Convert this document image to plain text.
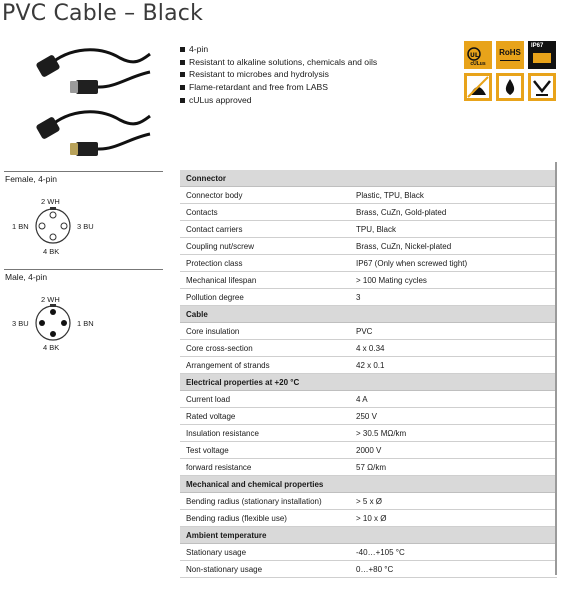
PVC Cable – Black
4-pin
Resistant to alkaline solutions, chemicals and oils
Resistant to microbes and hydrolysis
Flame-retardant and free from LABS
cULus approved
UL
cULus
RoHS
IP67
Female, 4-pin
2 WH
1 BN	3 BU
4 BK
Male, 4-pin
2 WH
3 BU	1 BN
4 BK
Connector
Connector body	Plastic, TPU, Black
Contacts	Brass, CuZn, Gold-plated
Contact carriers	TPU, Black
Coupling nut/screw	Brass, CuZn, Nickel-plated
Protection class	IP67 (Only when screwed tight)
Mechanical lifespan	> 100 Mating cycles
Pollution degree	3
Cable
Core insulation	PVC
Core cross-section	4 x 0.34
Arrangement of strands	42 x 0.1
Electrical properties at +20 °C
Current load	4 A
Rated voltage	250 V
Insulation resistance	> 30.5 MΩ/km
Test voltage	2000 V
forward resistance	57 Ω/km
Mechanical and chemical properties
Bending radius (stationary installation)	> 5 x Ø
Bending radius (flexible use)	> 10 x Ø
Ambient temperature
Stationary usage	-40…+105 °C
Non-stationary usage	0…+80 °C
